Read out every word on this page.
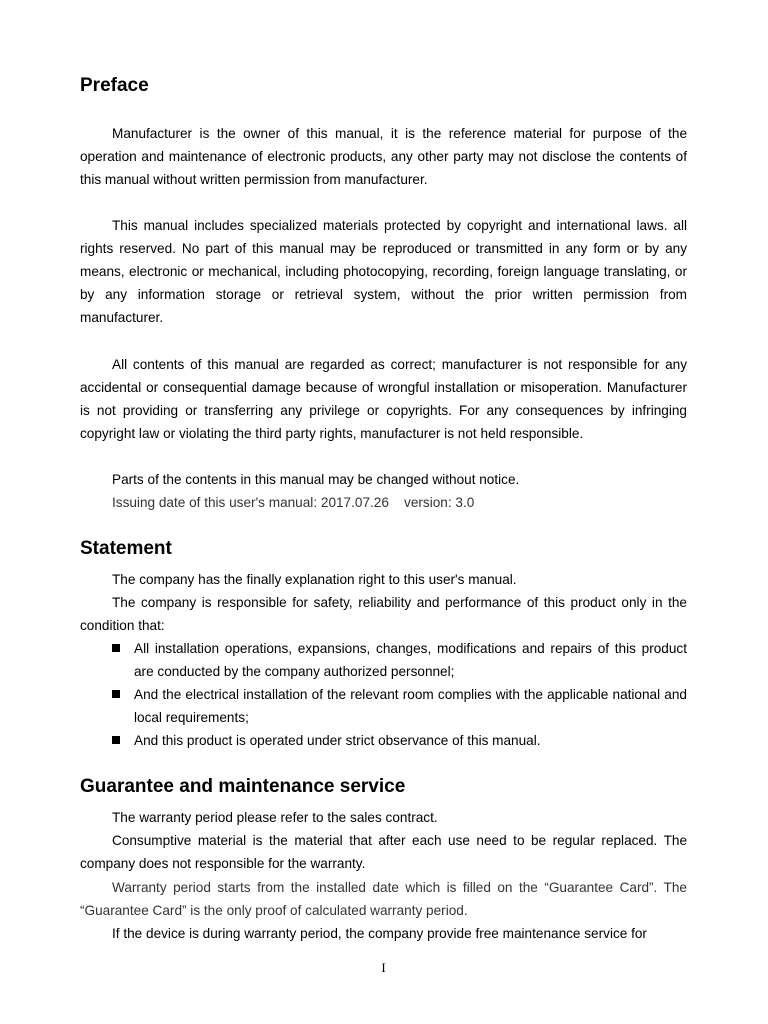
Preface

Manufacturer is the owner of this manual, it is the reference material for purpose of the operation and maintenance of electronic products, any other party may not disclose the contents of this manual without written permission from manufacturer.

This manual includes specialized materials protected by copyright and international laws. all rights reserved. No part of this manual may be reproduced or transmitted in any form or by any means, electronic or mechanical, including photocopying, recording, foreign language translating, or by any information storage or retrieval system, without the prior written permission from manufacturer.

All contents of this manual are regarded as correct; manufacturer is not responsible for any accidental or consequential damage because of wrongful installation or misoperation. Manufacturer is not providing or transferring any privilege or copyrights. For any consequences by infringing copyright law or violating the third party rights, manufacturer is not held responsible.

Parts of the contents in this manual may be changed without notice.

Issuing date of this user's manual: 2017.07.26    version: 3.0

Statement

The company has the finally explanation right to this user's manual.

The company is responsible for safety, reliability and performance of this product only in the condition that:

All installation operations, expansions, changes, modifications and repairs of this product are conducted by the company authorized personnel;
And the electrical installation of the relevant room complies with the applicable national and local requirements;
And this product is operated under strict observance of this manual.
Guarantee and maintenance service

The warranty period please refer to the sales contract.

Consumptive material is the material that after each use need to be regular replaced. The company does not responsible for the warranty.

Warranty period starts from the installed date which is filled on the “Guarantee Card”. The “Guarantee Card” is the only proof of calculated warranty period.

If the device is during warranty period, the company provide free maintenance service for

I
